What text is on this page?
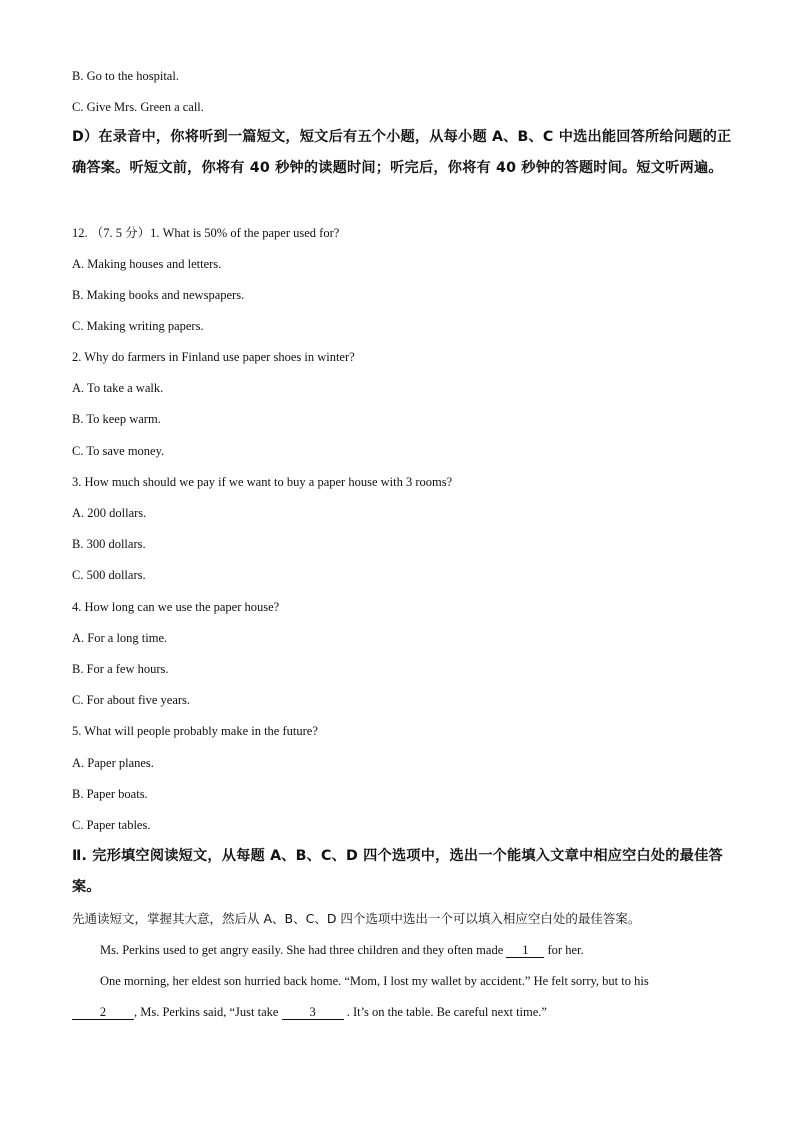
B. Go to the hospital.
C. Give Mrs. Green a call.
D）在录音中，你将听到一篇短文，短文后有五个小题，从每小题 A、B、C 中选出能回答所给问题的正确答案。听短文前，你将有 40 秒钟的读题时间；听完后，你将有 40 秒钟的答题时间。短文听两遍。
12. （7. 5 分）1. What is 50% of the paper used for?
A. Making houses and letters.
B. Making books and newspapers.
C. Making writing papers.
2. Why do farmers in Finland use paper shoes in winter?
A. To take a walk.
B. To keep warm.
C. To save money.
3. How much should we pay if we want to buy a paper house with 3 rooms?
A. 200 dollars.
B. 300 dollars.
C. 500 dollars.
4. How long can we use the paper house?
A. For a long time.
B. For a few hours.
C. For about five years.
5. What will people probably make in the future?
A. Paper planes.
B. Paper boats.
C. Paper tables.
Ⅱ. 完形填空阅读短文，从每题 A、B、C、D 四个选项中，选出一个能填入文章中相应空白处的最佳答案。
先通读短文，掌握其大意，然后从 A、B、C、D 四个选项中选出一个可以填入相应空白处的最佳答案。
Ms. Perkins used to get angry easily. She had three children and they often made 1 for her.
One morning, her eldest son hurried back home. “Mom, I lost my wallet by accident.” He felt sorry, but to his
2 , Ms. Perkins said, “Just take 3 . It’s on the table. Be careful next time.”
